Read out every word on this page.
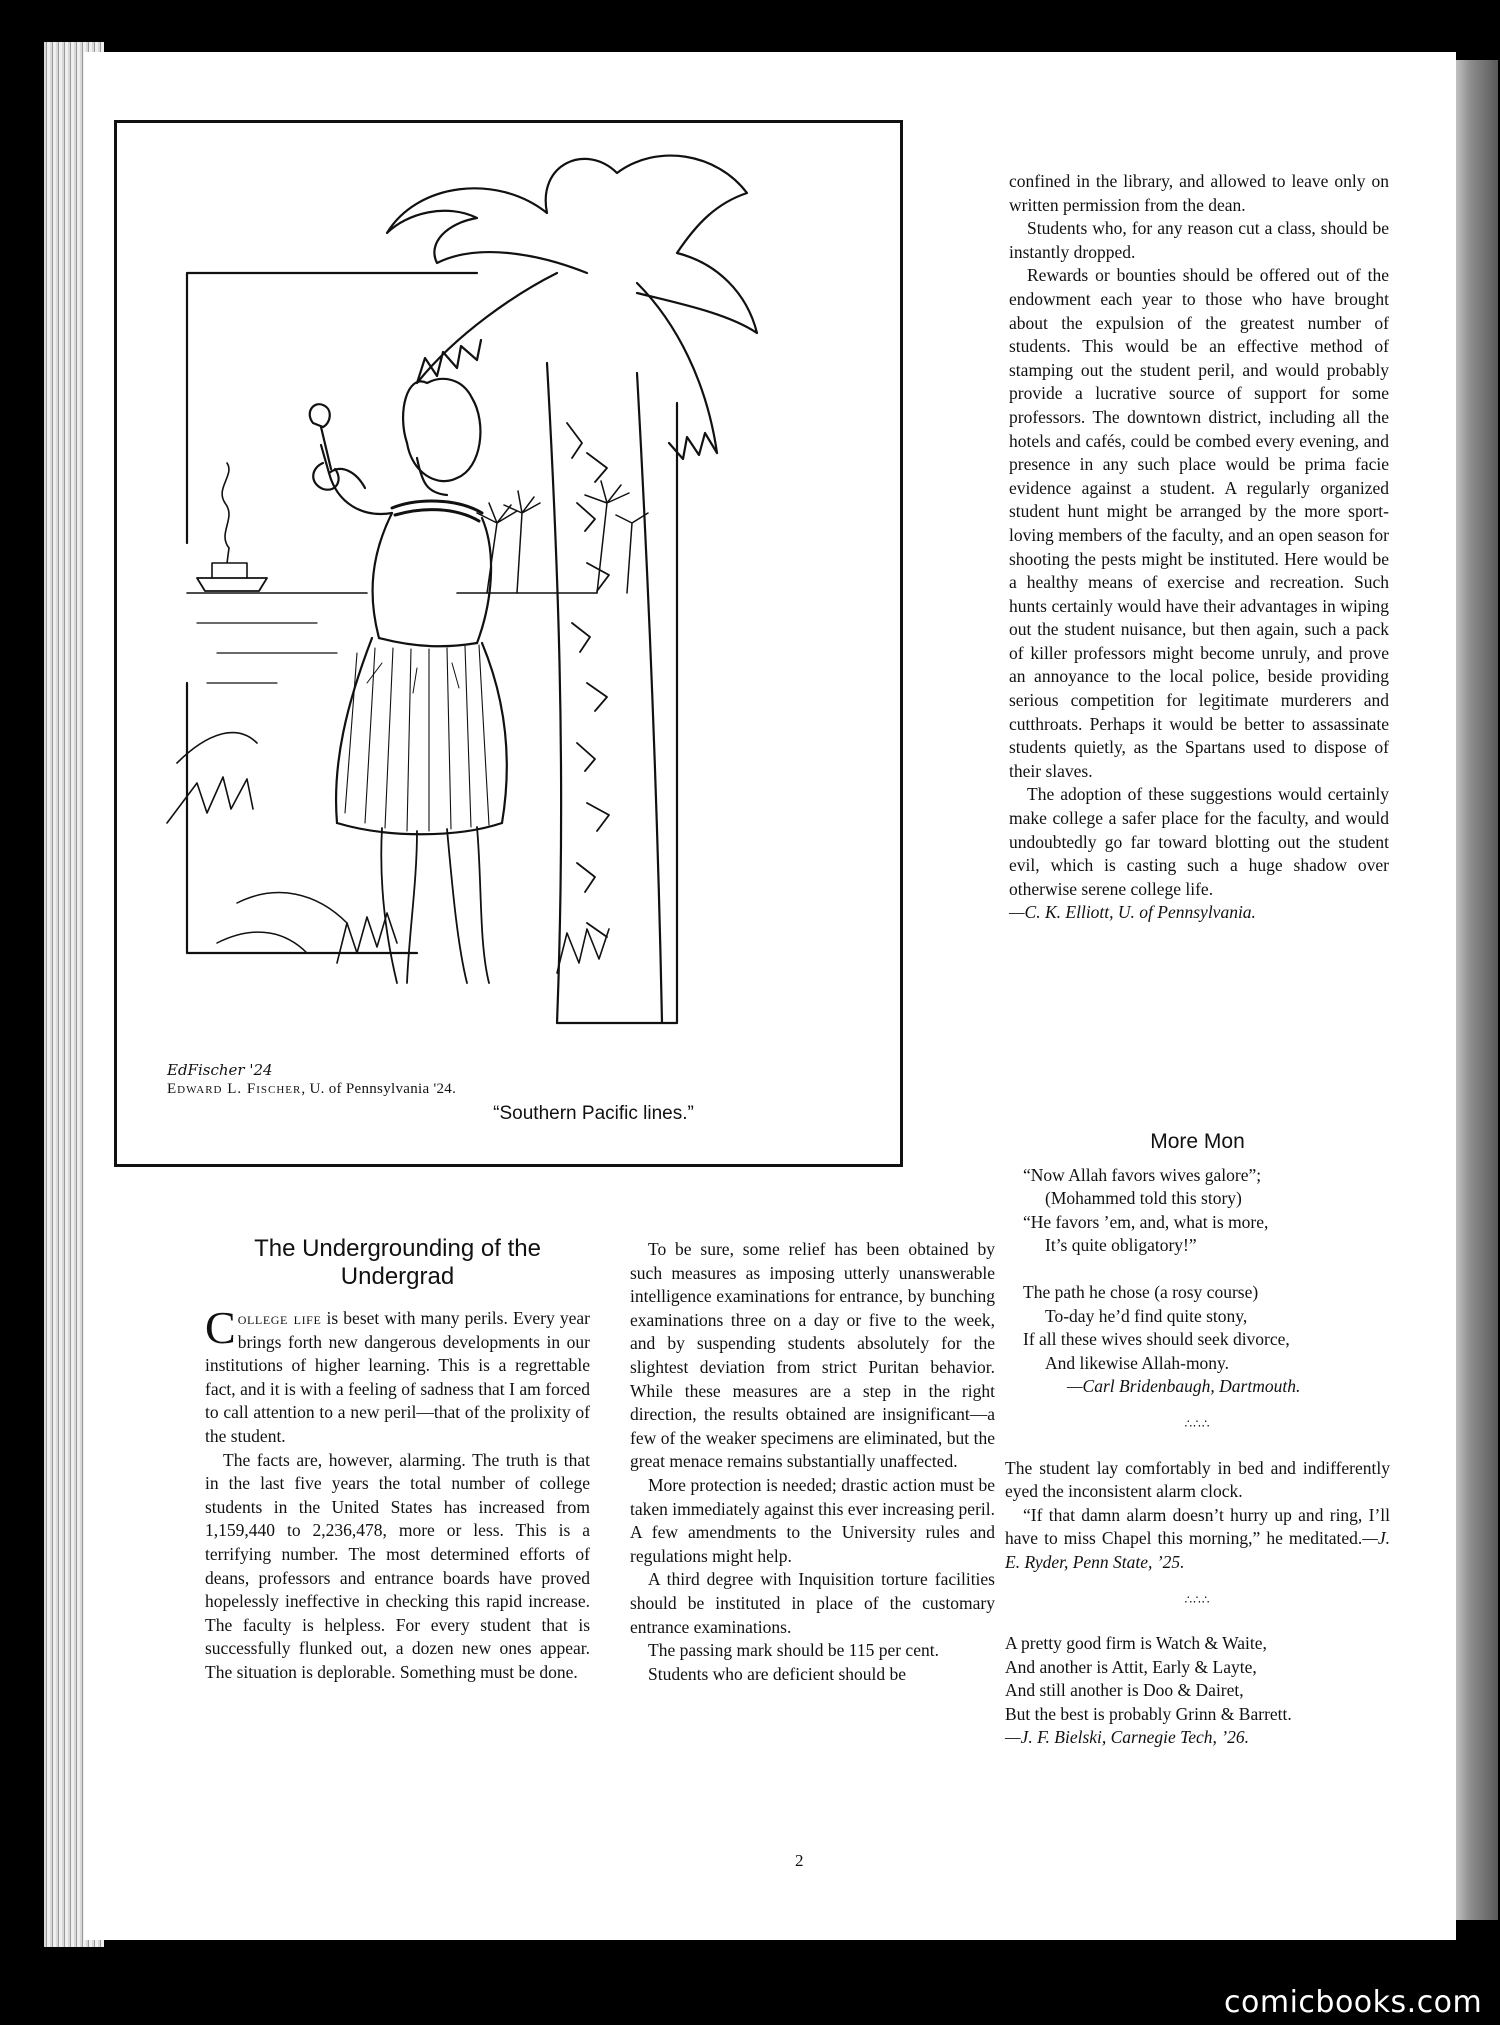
EdFischer '24
Edward L. Fischer, U. of Pennsylvania '24.
“Southern Pacific lines.”

confined in the library, and allowed to leave only on written permission from the dean.

Students who, for any reason cut a class, should be instantly dropped.

Rewards or bounties should be offered out of the endowment each year to those who have brought about the expulsion of the greatest number of students. This would be an effective method of stamping out the student peril, and would probably provide a lucrative source of support for some professors. The downtown district, including all the hotels and cafés, could be combed every evening, and presence in any such place would be prima facie evidence against a student. A regularly organized student hunt might be arranged by the more sport-loving members of the faculty, and an open season for shooting the pests might be instituted. Here would be a healthy means of exercise and recreation. Such hunts certainly would have their advantages in wiping out the student nuisance, but then again, such a pack of killer professors might become unruly, and prove an annoyance to the local police, beside providing serious competition for legitimate murderers and cutthroats. Perhaps it would be better to assassinate students quietly, as the Spartans used to dispose of their slaves.

The adoption of these suggestions would certainly make college a safer place for the faculty, and would undoubtedly go far toward blotting out the student evil, which is casting such a huge shadow over otherwise serene college life.

—C. K. Elliott, U. of Pennsylvania.

The Undergrounding of the Undergrad

College life is beset with many perils. Every year brings forth new dangerous developments in our institutions of higher learning. This is a regrettable fact, and it is with a feeling of sadness that I am forced to call attention to a new peril—that of the prolixity of the student.

The facts are, however, alarming. The truth is that in the last five years the total number of college students in the United States has increased from 1,159,440 to 2,236,478, more or less. This is a terrifying number. The most determined efforts of deans, professors and entrance boards have proved hopelessly ineffective in checking this rapid increase. The faculty is helpless. For every student that is successfully flunked out, a dozen new ones appear. The situation is deplorable. Something must be done.

To be sure, some relief has been obtained by such measures as imposing utterly unanswerable intelligence examinations for entrance, by bunching examinations three on a day or five to the week, and by suspending students absolutely for the slightest deviation from strict Puritan behavior. While these measures are a step in the right direction, the results obtained are insignificant—a few of the weaker specimens are eliminated, but the great menace remains substantially unaffected.

More protection is needed; drastic action must be taken immediately against this ever increasing peril. A few amendments to the University rules and regulations might help.

A third degree with Inquisition torture facilities should be instituted in place of the customary entrance examinations.

The passing mark should be 115 per cent.

Students who are deficient should be

More Mon
“Now Allah favors wives galore”;
(Mohammed told this story)
“He favors ’em, and, what is more,
It’s quite obligatory!”
The path he chose (a rosy course)
To-day he’d find quite stony,
If all these wives should seek divorce,
And likewise Allah-mony.
—Carl Bridenbaugh, Dartmouth.
∴∴∴

The student lay comfortably in bed and indifferently eyed the inconsistent alarm clock.

“If that damn alarm doesn’t hurry up and ring, I’ll have to miss Chapel this morning,” he meditated.—J. E. Ryder, Penn State, ’25.

∴∴∴
A pretty good firm is Watch & Waite,
And another is Attit, Early & Layte,
And still another is Doo & Dairet,
But the best is probably Grinn & Barrett.
—J. F. Bielski, Carnegie Tech, ’26.
2
comicbooks.com
